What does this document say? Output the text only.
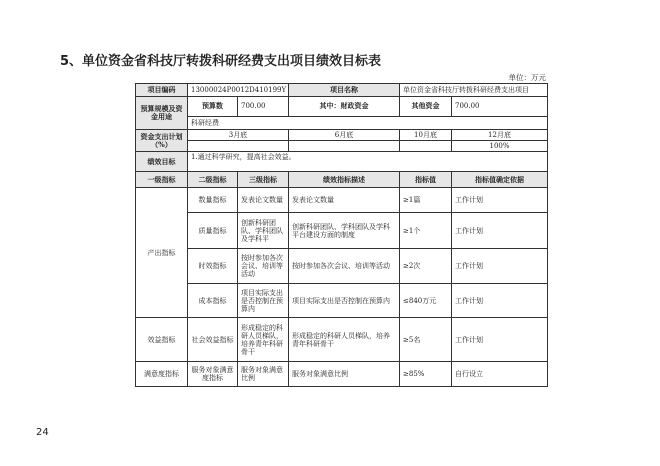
5、单位资金省科技厅转拨科研经费支出项目绩效目标表
单位：万元
项目编码	13000024P0012D410199Y		项目名称	单位资金省科技厅转拨科研经费支出项目	
预算规模及资金用途	预算数	700.00	其中：财政资金	其他资金	700.00
	科研经费				
资金支出计划（%）	3月底		6月底	10月底	12月底
					100%
绩效目标	1.通过科学研究，提高社会效益。				
一级指标	二级指标	三级指标	绩效指标描述	指标值	指标值确定依据
产出指标	数量指标	发表论文数量	发表论文数量	≥1篇	工作计划
	质量指标	创新科研团队、学科团队及学科平	创新科研团队、学科团队及学科平台建设方面的制度	≥1个	工作计划
	时效指标	按时参加各次会议、培训等活动	按时参加各次会议、培训等活动	≥2次	工作计划
	成本指标	项目实际支出是否控制在预算内	项目实际支出是否控制在预算内	≤840万元	工作计划
效益指标	社会效益指标	形成稳定的科研人员梯队，培养青年科研骨干	形成稳定的科研人员梯队，培养青年科研骨干	≥5名	工作计划
满意度指标	服务对象满意度指标	服务对象满意比例	服务对象满意比例	≥85%	自行设立
24
